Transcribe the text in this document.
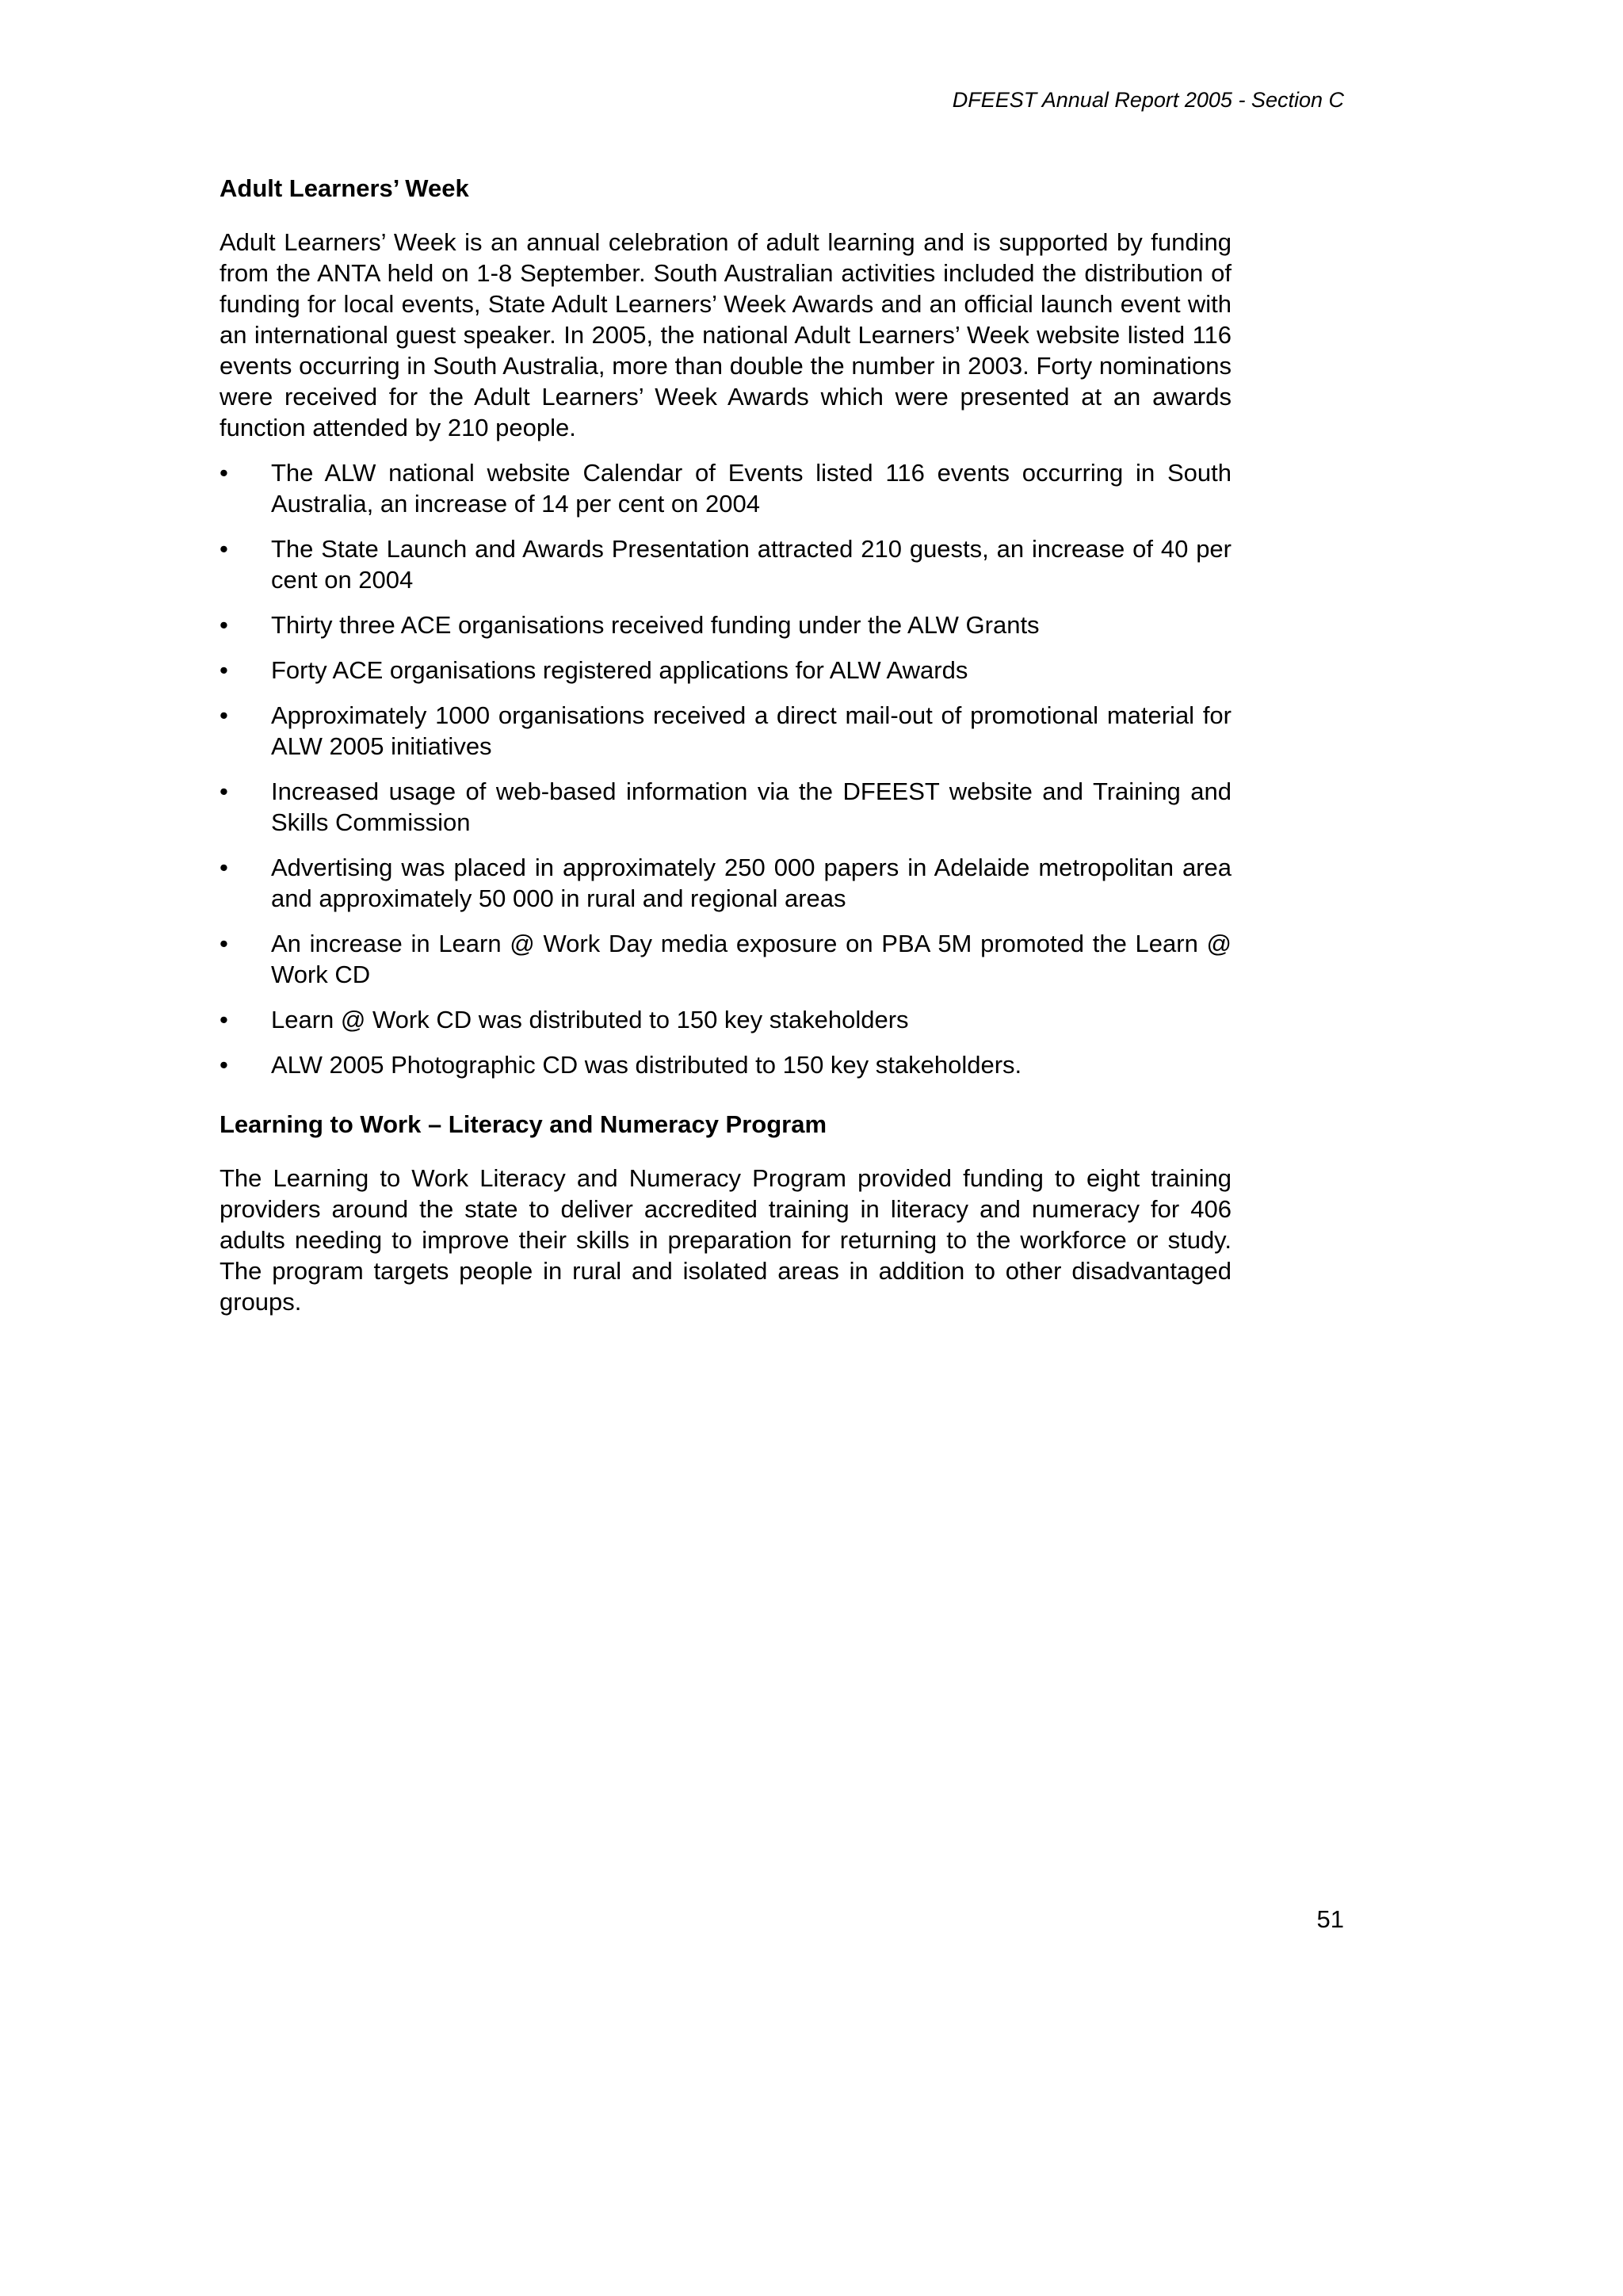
DFEEST Annual Report 2005 - Section C
Adult Learners’ Week

Adult Learners’ Week is an annual celebration of adult learning and is supported by funding from the ANTA held on 1-8 September. South Australian activities included the distribution of funding for local events, State Adult Learners’ Week Awards and an official launch event with an international guest speaker. In 2005, the national Adult Learners’ Week website listed 116 events occurring in South Australia, more than double the number in 2003. Forty nominations were received for the Adult Learners’ Week Awards which were presented at an awards function attended by 210 people.

•	The ALW national website Calendar of Events listed 116 events occurring in South Australia, an increase of 14 per cent on 2004
•	The State Launch and Awards Presentation attracted 210 guests, an increase of 40 per cent on 2004
•	Thirty three ACE organisations received funding under the ALW Grants
•	Forty ACE organisations registered applications for ALW Awards
•	Approximately 1000 organisations received a direct mail-out of promotional material for ALW 2005 initiatives
•	Increased usage of web-based information via the DFEEST website and Training and Skills Commission
•	Advertising was placed in approximately 250 000 papers in Adelaide metropolitan area and approximately 50 000 in rural and regional areas
•	An increase in Learn @ Work Day media exposure on PBA 5M promoted the Learn @ Work CD
•	Learn @ Work CD was distributed to 150 key stakeholders
•	ALW 2005 Photographic CD was distributed to 150 key stakeholders.
Learning to Work – Literacy and Numeracy Program

The Learning to Work Literacy and Numeracy Program provided funding to eight training providers around the state to deliver accredited training in literacy and numeracy for 406 adults needing to improve their skills in preparation for returning to the workforce or study. The program targets people in rural and isolated areas in addition to other disadvantaged groups.

51
